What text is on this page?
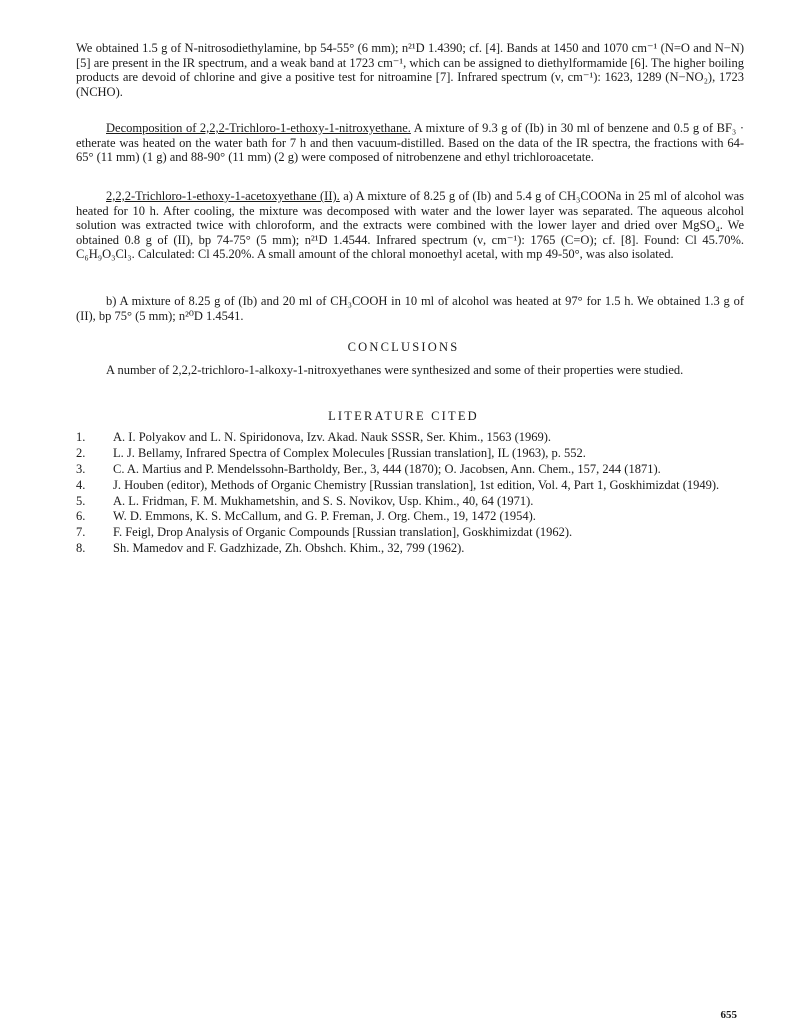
We obtained 1.5 g of N-nitrosodiethylamine, bp 54-55° (6 mm); n²¹D 1.4390; cf. [4]. Bands at 1450 and 1070 cm⁻¹ (N=O and N−N) [5] are present in the IR spectrum, and a weak band at 1723 cm⁻¹, which can be assigned to diethylformamide [6]. The higher boiling products are devoid of chlorine and give a positive test for nitroamine [7]. Infrared spectrum (ν, cm⁻¹): 1623, 1289 (N−NO₂), 1723 (NCHO).

Decomposition of 2,2,2-Trichloro-1-ethoxy-1-nitroxyethane. A mixture of 9.3 g of (Ib) in 30 ml of benzene and 0.5 g of BF₃ · etherate was heated on the water bath for 7 h and then vacuum-distilled. Based on the data of the IR spectra, the fractions with 64-65° (11 mm) (1 g) and 88-90° (11 mm) (2 g) were composed of nitrobenzene and ethyl trichloroacetate.

2,2,2-Trichloro-1-ethoxy-1-acetoxyethane (II). a) A mixture of 8.25 g of (Ib) and 5.4 g of CH₃COONa in 25 ml of alcohol was heated for 10 h. After cooling, the mixture was decomposed with water and the lower layer was separated. The aqueous alcohol solution was extracted twice with chloroform, and the extracts were combined with the lower layer and dried over MgSO₄. We obtained 0.8 g of (II), bp 74-75° (5 mm); n²¹D 1.4544. Infrared spectrum (ν, cm⁻¹): 1765 (C=O); cf. [8]. Found: Cl 45.70%. C₆H₉O₃Cl₃. Calculated: Cl 45.20%. A small amount of the chloral monoethyl acetal, with mp 49-50°, was also isolated.

b) A mixture of 8.25 g of (Ib) and 20 ml of CH₃COOH in 10 ml of alcohol was heated at 97° for 1.5 h. We obtained 1.3 g of (II), bp 75° (5 mm); n²⁰D 1.4541.

CONCLUSIONS

A number of 2,2,2-trichloro-1-alkoxy-1-nitroxyethanes were synthesized and some of their properties were studied.

LITERATURE CITED

1.	A. I. Polyakov and L. N. Spiridonova, Izv. Akad. Nauk SSSR, Ser. Khim., 1563 (1969).
2.	L. J. Bellamy, Infrared Spectra of Complex Molecules [Russian translation], IL (1963), p. 552.
3.	C. A. Martius and P. Mendelssohn-Bartholdy, Ber., 3, 444 (1870); O. Jacobsen, Ann. Chem., 157, 244 (1871).
4.	J. Houben (editor), Methods of Organic Chemistry [Russian translation], 1st edition, Vol. 4, Part 1, Goskhimizdat (1949).
5.	A. L. Fridman, F. M. Mukhametshin, and S. S. Novikov, Usp. Khim., 40, 64 (1971).
6.	W. D. Emmons, K. S. McCallum, and G. P. Freman, J. Org. Chem., 19, 1472 (1954).
7.	F. Feigl, Drop Analysis of Organic Compounds [Russian translation], Goskhimizdat (1962).
8.	Sh. Mamedov and F. Gadzhizade, Zh. Obshch. Khim., 32, 799 (1962).

655
